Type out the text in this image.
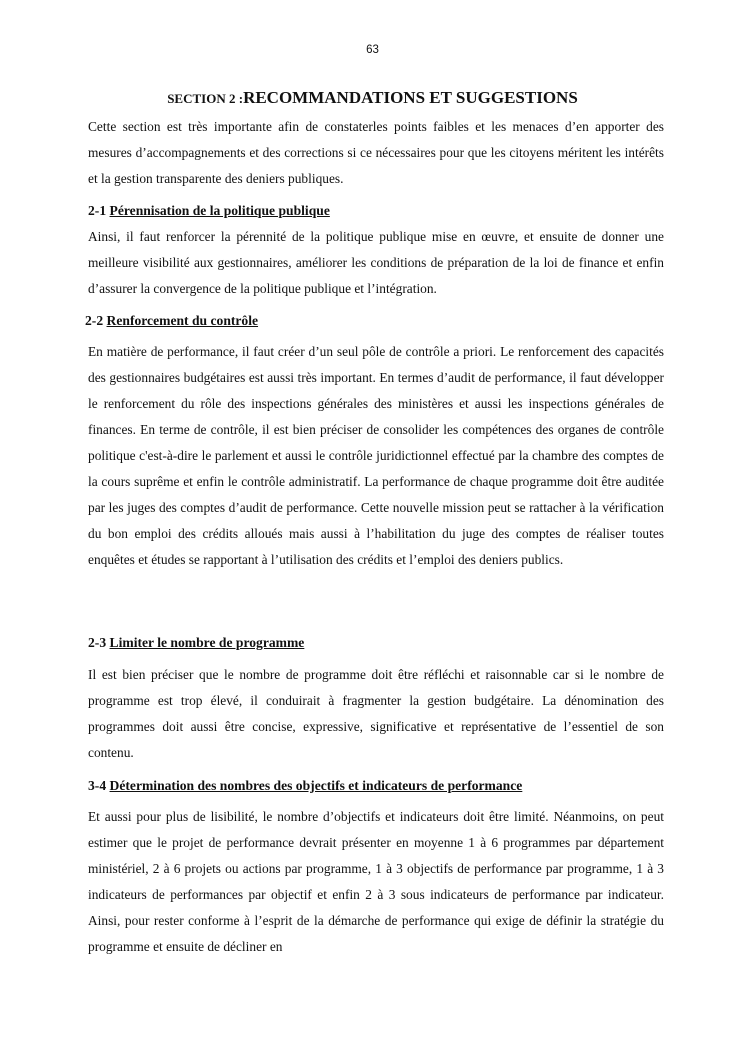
63
SECTION 2 :RECOMMANDATIONS ET SUGGESTIONS
Cette section est très importante afin de constaterles points faibles et les menaces d’en apporter des mesures d’accompagnements et des corrections si ce nécessaires pour que les citoyens méritent les intérêts et la gestion transparente des deniers publiques.
2-1 Pérennisation de la politique publique
Ainsi, il faut renforcer la pérennité de la politique publique mise en œuvre, et ensuite de donner une meilleure visibilité aux gestionnaires, améliorer les conditions de préparation de la loi de finance et enfin d’assurer la convergence de la politique publique et l’intégration.
2-2 Renforcement du contrôle
En matière de performance, il faut créer d’un seul pôle de contrôle a priori. Le renforcement des capacités des gestionnaires budgétaires est aussi très important. En termes d’audit de performance, il faut développer le renforcement du rôle des inspections générales des ministères et aussi les inspections générales de finances. En terme de contrôle, il est bien préciser de consolider les compétences des organes de contrôle politique c'est-à-dire le parlement et aussi le contrôle juridictionnel effectué par la chambre des comptes de la cours suprême et enfin le contrôle administratif. La performance de chaque programme doit être auditée par les juges des comptes d’audit de performance. Cette nouvelle mission peut se rattacher à la vérification du bon emploi des crédits alloués mais aussi à l’habilitation du juge des comptes de réaliser toutes enquêtes et études se rapportant à l’utilisation des crédits et l’emploi des deniers publics.
2-3 Limiter le nombre de programme
Il est bien préciser que le nombre de programme doit être réfléchi et raisonnable car si le nombre de programme est trop élevé, il conduirait à fragmenter la gestion budgétaire. La dénomination des programmes doit aussi être concise, expressive, significative et représentative de l’essentiel de son contenu.
3-4 Détermination des nombres des objectifs et indicateurs de performance
Et aussi pour plus de lisibilité, le nombre d’objectifs et indicateurs doit être limité. Néanmoins, on peut estimer que le projet de performance devrait présenter en moyenne 1 à 6 programmes par département ministériel, 2 à 6 projets ou actions par programme, 1 à 3 objectifs de performance par programme, 1 à 3 indicateurs de performances par objectif et enfin 2 à 3 sous indicateurs de performance par indicateur. Ainsi, pour rester conforme à l’esprit de la démarche de performance qui exige de définir la stratégie du programme et ensuite de décliner en
